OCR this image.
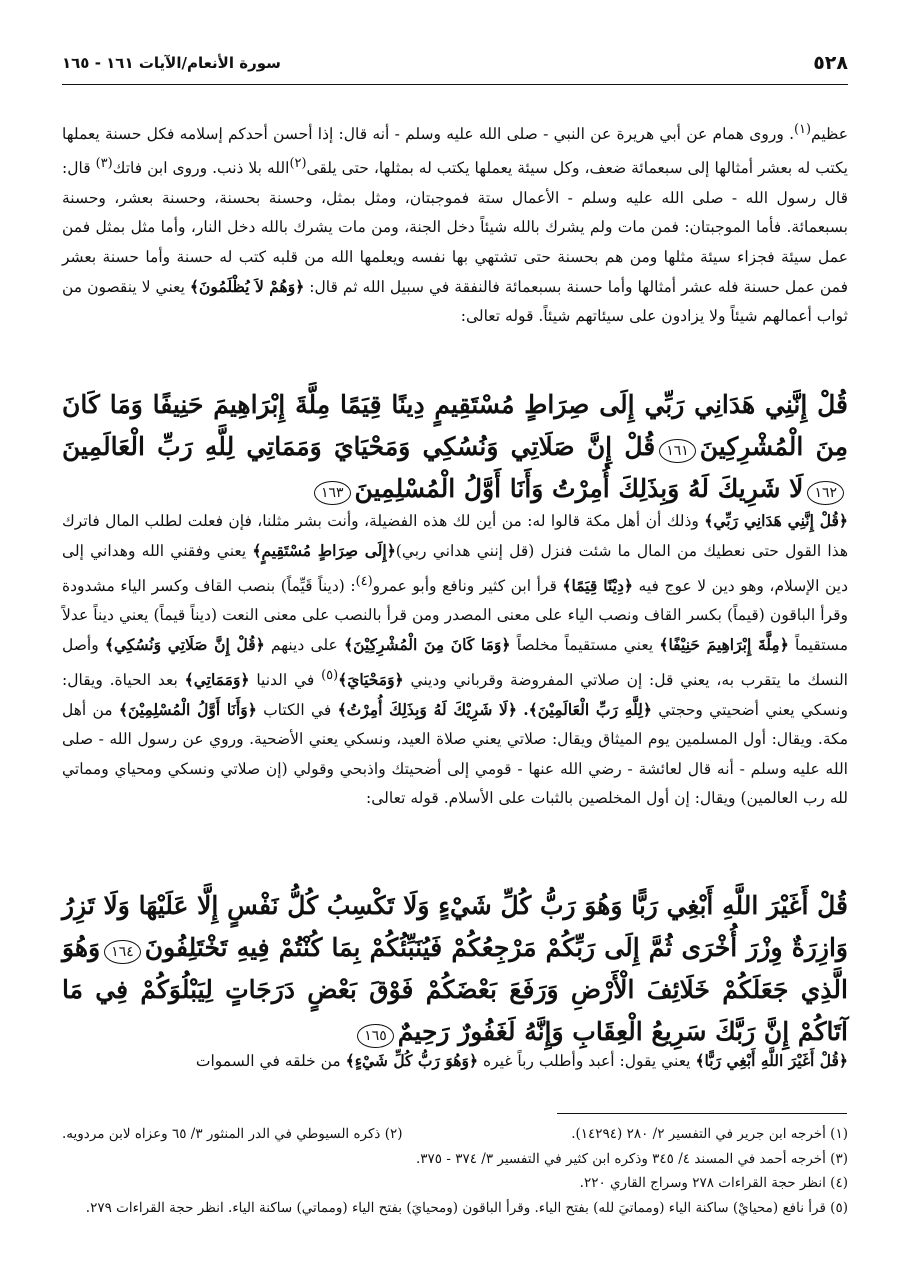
٥٢٨
سورة الأنعام/الآيات ١٦١ - ١٦٥

عظيم$^{(١)}$. وروى همام عن أبي هريرة عن النبي - صلى الله عليه وسلم - أنه قال: إذا أحسن أحدكم إسلامه فكل حسنة يعملها يكتب له بعشر أمثالها إلى سبعمائة ضعف، وكل سيئة يعملها يكتب له بمثلها، حتى يلقى$^{(٢)}$الله بلا ذنب. وروى ابن فاتك$^{(٣)}$ قال: قال رسول الله - صلى الله عليه وسلم - الأعمال ستة فموجبتان، ومثل بمثل، وحسنة بحسنة، وحسنة بعشر، وحسنة بسبعمائة. فأما الموجبتان: فمن مات ولم يشرك بالله شيئاً دخل الجنة، ومن مات يشرك بالله دخل النار، وأما مثل بمثل فمن عمل سيئة فجزاء سيئة مثلها ومن هم بحسنة حتى تشتهي بها نفسه ويعلمها الله من قلبه كتب له حسنة وأما حسنة بعشر فمن عمل حسنة فله عشر أمثالها وأما حسنة بسبعمائة فالنفقة في سبيل الله ثم قال: ﴿وَهُمْ لاَ يُظْلَمُونَ﴾ يعني لا ينقصون من ثواب أعمالهم شيئاً ولا يزادون على سيئاتهم شيئاً. قوله تعالى:

قُلْ إِنَّنِي هَدَانِي رَبِّي إِلَى صِرَاطٍ مُسْتَقِيمٍ دِينًا قِيَمًا مِلَّةَ إِبْرَاهِيمَ حَنِيفًا وَمَا كَانَ مِنَ الْمُشْرِكِينَ١٦١قُلْ إِنَّ صَلَاتِي وَنُسُكِي وَمَحْيَايَ وَمَمَاتِي لِلَّهِ رَبِّ الْعَالَمِينَ١٦٢لَا شَرِيكَ لَهُ وَبِذَلِكَ أُمِرْتُ وَأَنَا أَوَّلُ الْمُسْلِمِينَ١٦٣

﴿قُلْ إِنَّنِي هَدَانِي رَبِّي﴾ وذلك أن أهل مكة قالوا له: من أين لك هذه الفضيلة، وأنت بشر مثلنا، فإن فعلت لطلب المال فاترك هذا القول حتى نعطيك من المال ما شئت فنزل (قل إنني هداني ربي)﴿إِلَى صِرَاطٍ مُسْتَقِيمٍ﴾ يعني وفقني الله وهداني إلى دين الإسلام، وهو دين لا عوج فيه ﴿دِيْنًا قِيَمًا﴾ قرأ ابن كثير ونافع وأبو عمرو$^{(٤)}$: (ديناً قَيِّماً) بنصب القاف وكسر الياء مشدودة وقرأ الباقون (قيماً) بكسر القاف ونصب الياء على معنى المصدر ومن قرأ بالنصب على معنى النعت (ديناً قيماً) يعني ديناً عدلاً مستقيماً ﴿مِلَّةَ إِبْرَاهِيمَ حَنِيْفًا﴾ يعني مستقيماً مخلصاً ﴿وَمَا كَانَ مِنَ الْمُشْرِكِيْنَ﴾ على دينهم ﴿قُلْ إِنَّ صَلَاتِي وَنُسُكِي﴾ وأصل النسك ما يتقرب به، يعني قل: إن صلاتي المفروضة وقرباني وديني ﴿وَمَحْيَايَ﴾$^{(٥)}$ في الدنيا ﴿وَمَمَاتِي﴾ بعد الحياة. ويقال: ونسكي يعني أضحيتي وحجتي ﴿لِلَّهِ رَبِّ الْعَالَمِيْنَ﴾. ﴿لَا شَرِيْكَ لَهُ وَبِذَلِكَ أُمِرْتُ﴾ في الكتاب ﴿وَأَنَا أَوَّلُ الْمُسْلِمِيْنَ﴾ من أهل مكة. ويقال: أول المسلمين يوم الميثاق ويقال: صلاتي يعني صلاة العيد، ونسكي يعني الأضحية. وروي عن رسول الله - صلى الله عليه وسلم - أنه قال لعائشة - رضي الله عنها - قومي إلى أضحيتك واذبحي وقولي (إن صلاتي ونسكي ومحياي ومماتي لله رب العالمين) ويقال: إن أول المخلصين بالثبات على الأسلام. قوله تعالى:

قُلْ أَغَيْرَ اللَّهِ أَبْغِي رَبًّا وَهُوَ رَبُّ كُلِّ شَيْءٍ وَلَا تَكْسِبُ كُلُّ نَفْسٍ إِلَّا عَلَيْهَا وَلَا تَزِرُ وَازِرَةٌ وِزْرَ أُخْرَى ثُمَّ إِلَى رَبِّكُمْ مَرْجِعُكُمْ فَيُنَبِّئُكُمْ بِمَا كُنْتُمْ فِيهِ تَخْتَلِفُونَ١٦٤وَهُوَ الَّذِي جَعَلَكُمْ خَلَائِفَ الْأَرْضِ وَرَفَعَ بَعْضَكُمْ فَوْقَ بَعْضٍ دَرَجَاتٍ لِيَبْلُوَكُمْ فِي مَا آتَاكُمْ إِنَّ رَبَّكَ سَرِيعُ الْعِقَابِ وَإِنَّهُ لَغَفُورٌ رَحِيمٌ١٦٥

﴿قُلْ أَغَيْرَ اللَّهِ أَبْغِي رَبًّا﴾ يعني يقول: أعبد وأطلب رباً غيره ﴿وَهُوَ رَبُّ كُلِّ شَيْءٍ﴾ من خلقه في السموات

(١) أخرجه ابن جرير في التفسير ٢/ ٢٨٠ (١٤٢٩٤).
(٢) ذكره السيوطي في الدر المنثور ٣/ ٦٥ وعزاه لابن مردويه.
(٣) أخرجه أحمد في المسند ٤/ ٣٤٥ وذكره ابن كثير في التفسير ٣/ ٣٧٤ - ٣٧٥.
(٤) انظر حجة القراءات ٢٧٨ وسراج القاري ٢٢٠.
(٥) قرأ نافع (محيايْ) ساكنة الياء (ومماتيَ لله) بفتح الياء. وقرأ الباقون (ومحيايَ) بفتح الياء (ومماتي) ساكنة الياء. انظر حجة القراءات ٢٧٩.
